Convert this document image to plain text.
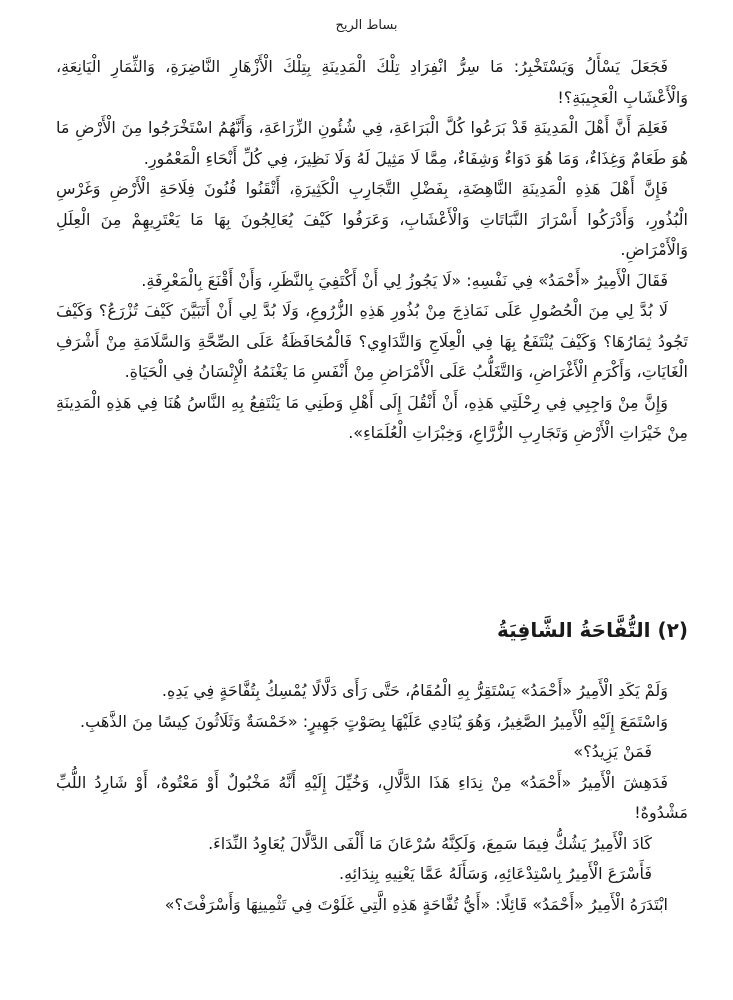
بساط الريح

فَجَعَلَ يَسْأَلُ وَيَسْتَخْبِرُ: مَا سِرُّ انْفِرَادِ تِلْكَ الْمَدِينَةِ بِتِلْكَ الْأَزْهَارِ النَّاضِرَةِ، وَالثِّمَارِ الْيَانِعَةِ، وَالْأَعْشَابِ الْعَجِيبَةِ؟!

فَعَلِمَ أَنَّ أَهْلَ الْمَدِينَةِ قَدْ بَرَعُوا كُلَّ الْبَرَاعَةِ، فِي شُئُونِ الزِّرَاعَةِ، وَأَنَّهُمُ اسْتَخْرَجُوا مِنَ الْأَرْضِ مَا هُوَ طَعَامٌ وَغِذَاءٌ، وَمَا هُوَ دَوَاءٌ وَشِفَاءٌ، مِمَّا لَا مَثِيلَ لَهُ وَلَا نَظِيرَ، فِي كُلِّ أَنْحَاءِ الْمَعْمُورِ.

فَإِنَّ أَهْلَ هَذِهِ الْمَدِينَةِ النَّاهِضَةِ، بِفَضْلِ التَّجَارِبِ الْكَثِيرَةِ، أَتْقَنُوا فُنُونَ فِلَاحَةِ الْأَرْضِ وَغَرْسِ الْبُذُورِ، وَأَدْرَكُوا أَسْرَارَ النَّبَاتَاتِ وَالْأَعْشَابِ، وَعَرَفُوا كَيْفَ يُعَالِجُونَ بِهَا مَا يَعْتَرِيهِمْ مِنَ الْعِلَلِ وَالْأَمْرَاضِ.

فَقَالَ الْأَمِيرُ «أَحْمَدُ» فِي نَفْسِهِ: «لَا يَجُوزُ لِي أَنْ أَكْتَفِيَ بِالنَّظَرِ، وَأَنْ أَقْنَعَ بِالْمَعْرِفَةِ.

لَا بُدَّ لِي مِنَ الْحُصُولِ عَلَى نَمَاذِجَ مِنْ بُذُورِ هَذِهِ الزُّرُوعِ، وَلَا بُدَّ لِي أَنْ أَتَبَيَّنَ كَيْفَ تُزْرَعُ؟ وَكَيْفَ تَجُودُ ثِمَارُهَا؟ وَكَيْفَ يُنْتَفَعُ بِهَا فِي الْعِلَاجِ وَالتَّدَاوِي؟ فَالْمُحَافَظَةُ عَلَى الصِّحَّةِ وَالسَّلَامَةِ مِنْ أَشْرَفِ الْغَايَاتِ، وَأَكْرَمِ الْأَغْرَاضِ، وَالتَّغَلُّبُ عَلَى الْأَمْرَاضِ مِنْ أَنْفَسِ مَا يَغْنَمُهُ الْإِنْسَانُ فِي الْحَيَاةِ.

وَإِنَّ مِنْ وَاجِبِي فِي رِحْلَتِي هَذِهِ، أَنْ أَنْقُلَ إِلَى أَهْلِ وَطَنِي مَا يَنْتَفِعُ بِهِ النَّاسُ هُنَا فِي هَذِهِ الْمَدِينَةِ مِنْ خَيْرَاتِ الْأَرْضِ وَتَجَارِبِ الزُّرَّاعِ، وَخِبْرَاتِ الْعُلَمَاءِ».

(٢) التُّفَّاحَةُ الشَّافِيَةُ

وَلَمْ يَكَدِ الْأَمِيرُ «أَحْمَدُ» يَسْتَقِرُّ بِهِ الْمُقَامُ، حَتَّى رَأَى دَلَّالًا يُمْسِكُ بِتُفَّاحَةٍ فِي يَدِهِ.

وَاسْتَمَعَ إِلَيْهِ الْأَمِيرُ الصَّغِيرُ، وَهُوَ يُنَادِي عَلَيْهَا بِصَوْتٍ جَهِيرٍ: «خَمْسَةٌ وَثَلَاثُونَ كِيسًا مِنَ الذَّهَبِ.

فَمَنْ يَزِيدُ؟»

فَدَهِشَ الْأَمِيرُ «أَحْمَدُ» مِنْ نِدَاءِ هَذَا الدَّلَّالِ، وَخُيِّلَ إِلَيْهِ أَنَّهُ مَخْبُولٌ أَوْ مَعْتُوهٌ، أَوْ شَارِدُ اللُّبِّ مَشْدُوهٌ!

كَادَ الْأَمِيرُ يَشُكُّ فِيمَا سَمِعَ، وَلَكِنَّهُ سُرْعَانَ مَا أَلْفَى الدَّلَّالَ يُعَاوِدُ النِّدَاءَ.

فَأَسْرَعَ الْأَمِيرُ بِاسْتِدْعَائِهِ، وَسَأَلَهُ عَمَّا يَعْنِيهِ بِنِدَائِهِ.

ابْتَدَرَهُ الْأَمِيرُ «أَحْمَدُ» قَائِلًا: «أَيُّ تُفَّاحَةٍ هَذِهِ الَّتِي غَلَوْتَ فِي تَثْمِينِهَا وَأَسْرَفْتَ؟»
